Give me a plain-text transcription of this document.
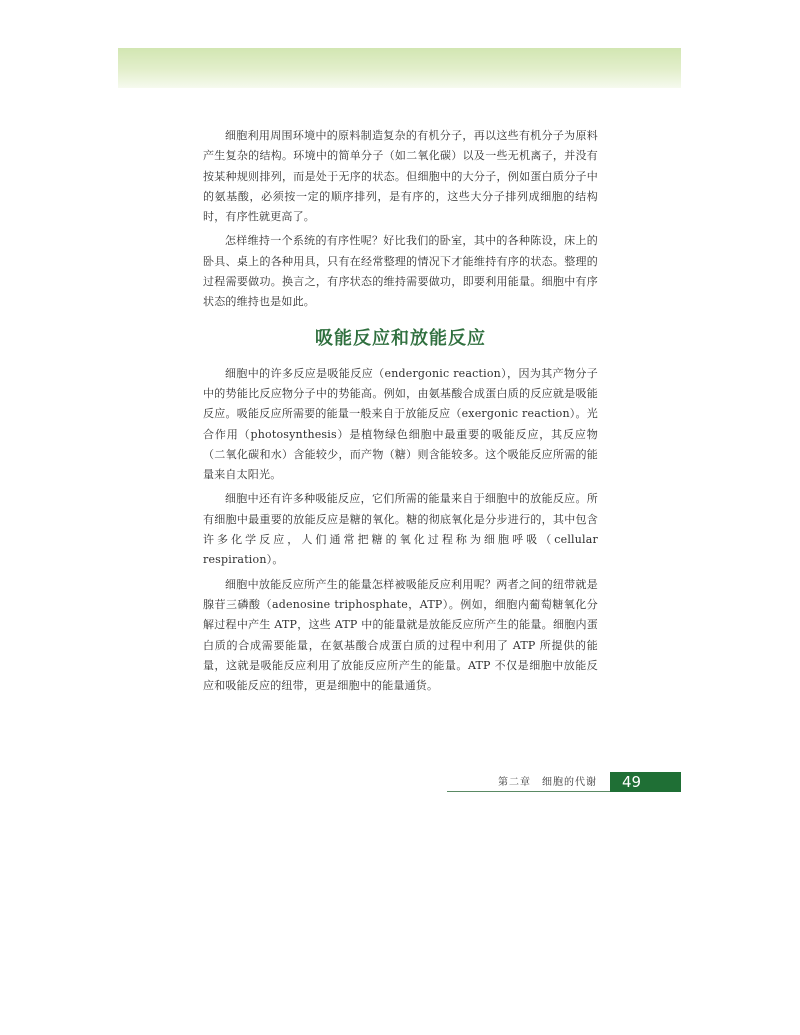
细胞利用周围环境中的原料制造复杂的有机分子，再以这些有机分子为原料产生复杂的结构。环境中的简单分子（如二氧化碳）以及一些无机离子，并没有按某种规则排列，而是处于无序的状态。但细胞中的大分子，例如蛋白质分子中的氨基酸，必须按一定的顺序排列，是有序的，这些大分子排列成细胞的结构时，有序性就更高了。

怎样维持一个系统的有序性呢？好比我们的卧室，其中的各种陈设，床上的卧具、桌上的各种用具，只有在经常整理的情况下才能维持有序的状态。整理的过程需要做功。换言之，有序状态的维持需要做功，即要利用能量。细胞中有序状态的维持也是如此。

吸能反应和放能反应

细胞中的许多反应是吸能反应（endergonic reaction），因为其产物分子中的势能比反应物分子中的势能高。例如，由氨基酸合成蛋白质的反应就是吸能反应。吸能反应所需要的能量一般来自于放能反应（exergonic reaction）。光合作用（photosynthesis）是植物绿色细胞中最重要的吸能反应，其反应物（二氧化碳和水）含能较少，而产物（糖）则含能较多。这个吸能反应所需的能量来自太阳光。

细胞中还有许多种吸能反应，它们所需的能量来自于细胞中的放能反应。所有细胞中最重要的放能反应是糖的氧化。糖的彻底氧化是分步进行的，其中包含许多化学反应，人们通常把糖的氧化过程称为细胞呼吸（cellular respiration）。

细胞中放能反应所产生的能量怎样被吸能反应利用呢？两者之间的纽带就是腺苷三磷酸（adenosine triphosphate，ATP）。例如，细胞内葡萄糖氧化分解过程中产生 ATP，这些 ATP 中的能量就是放能反应所产生的能量。细胞内蛋白质的合成需要能量，在氨基酸合成蛋白质的过程中利用了 ATP 所提供的能量，这就是吸能反应利用了放能反应所产生的能量。ATP 不仅是细胞中放能反应和吸能反应的纽带，更是细胞中的能量通货。

第二章　细胞的代谢 49
